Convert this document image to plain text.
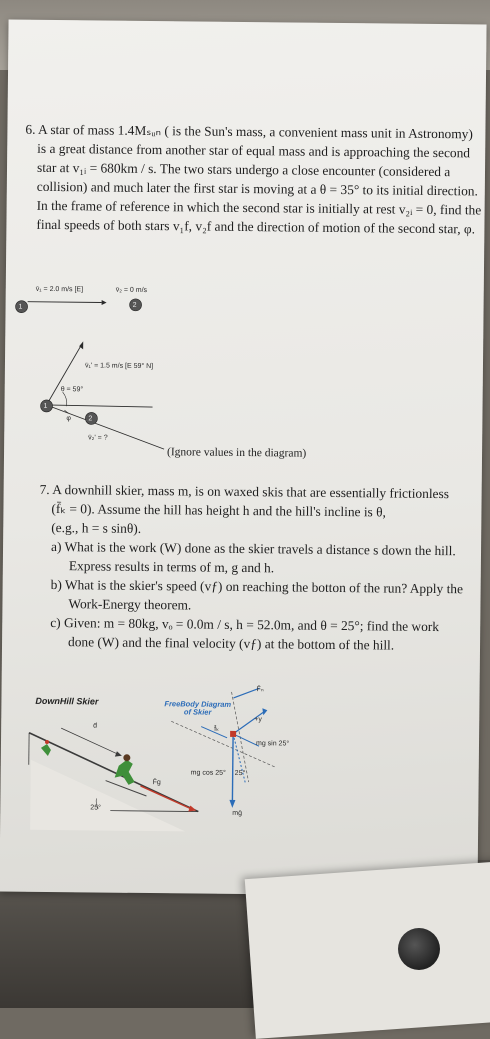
6. A star of mass 1.4Mₛᵤₙ ( is the Sun's mass, a convenient mass unit in Astronomy)
is a great distance from another star of equal mass and is approaching the second
star at v₁ᵢ = 680km / s. The two stars undergo a close encounter (considered a
collision) and much later the first star is moving at a θ = 35° to its initial direction.
In the frame of reference in which the second star is initially at rest v₂ᵢ = 0, find the
final speeds of both stars v₁f, v₂f and the direction of motion of the second star, φ.
v̄₁ = 2.0 m/s [E]	v̄₂ = 0 m/s
1	2
v̄₁' = 1.5 m/s [E 59° N]
θ = 59°
1
φ 2
v̄₂' = ?
(Ignore values in the diagram)
7. A downhill skier, mass m, is on waxed skis that are essentially frictionless
(f̄ₖ = 0). Assume the hill has height h and the hill's incline is θ,
(e.g., h = s sinθ).
a) What is the work (W) done as the skier travels a distance s down the hill.
Express results in terms of m, g and h.
b) What is the skier's speed (vƒ) on reaching the botton of the run? Apply the
Work-Energy theorem.
c) Given: m = 80kg, vₒ = 0.0m / s, h = 52.0m, and θ = 25°; find the work
done (W) and the final velocity (vƒ) at the bottom of the hill.
DownHill Skier	FreeBody Diagram
of Skier
+y
F̄ₙ
f̄ₖ
mg sin 25°
mg cos 25° 25°
mḡ
25°
d̄
F̄g
